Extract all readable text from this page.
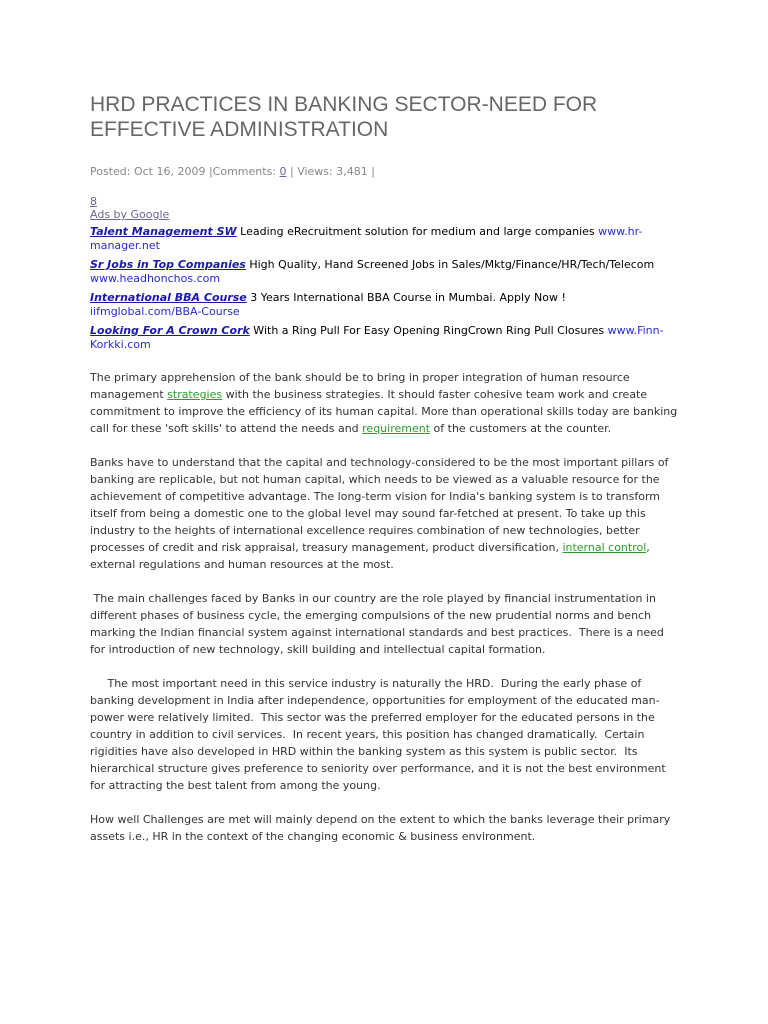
HRD PRACTICES IN BANKING SECTOR-NEED FOR EFFECTIVE ADMINISTRATION
Posted: Oct 16, 2009 |Comments: 0 | Views: 3,481 |
8
Ads by Google
Talent Management SW Leading eRecruitment solution for medium and large companies www.hr-manager.net
Sr Jobs in Top Companies High Quality, Hand Screened Jobs in Sales/Mktg/Finance/HR/Tech/Telecom www.headhonchos.com
International BBA Course 3 Years International BBA Course in Mumbai. Apply Now ! iifmglobal.com/BBA-Course
Looking For A Crown Cork With a Ring Pull For Easy Opening RingCrown Ring Pull Closures www.Finn-Korkki.com

The primary apprehension of the bank should be to bring in proper integration of human resource management strategies with the business strategies. It should faster cohesive team work and create commitment to improve the efficiency of its human capital. More than operational skills today are banking call for these 'soft skills' to attend the needs and requirement of the customers at the counter.

Banks have to understand that the capital and technology-considered to be the most important pillars of banking are replicable, but not human capital, which needs to be viewed as a valuable resource for the achievement of competitive advantage. The long-term vision for India's banking system is to transform itself from being a domestic one to the global level may sound far-fetched at present. To take up this industry to the heights of international excellence requires combination of new technologies, better processes of credit and risk appraisal, treasury management, product diversification, internal control, external regulations and human resources at the most.

The main challenges faced by Banks in our country are the role played by financial instrumentation in different phases of business cycle, the emerging compulsions of the new prudential norms and bench marking the Indian financial system against international standards and best practices.  There is a need for introduction of new technology, skill building and intellectual capital formation.

The most important need in this service industry is naturally the HRD.  During the early phase of banking development in India after independence, opportunities for employment of the educated man-power were relatively limited.  This sector was the preferred employer for the educated persons in the country in addition to civil services.  In recent years, this position has changed dramatically.  Certain rigidities have also developed in HRD within the banking system as this system is public sector.  Its hierarchical structure gives preference to seniority over performance, and it is not the best environment for attracting the best talent from among the young.

How well Challenges are met will mainly depend on the extent to which the banks leverage their primary assets i.e., HR in the context of the changing economic & business environment.
